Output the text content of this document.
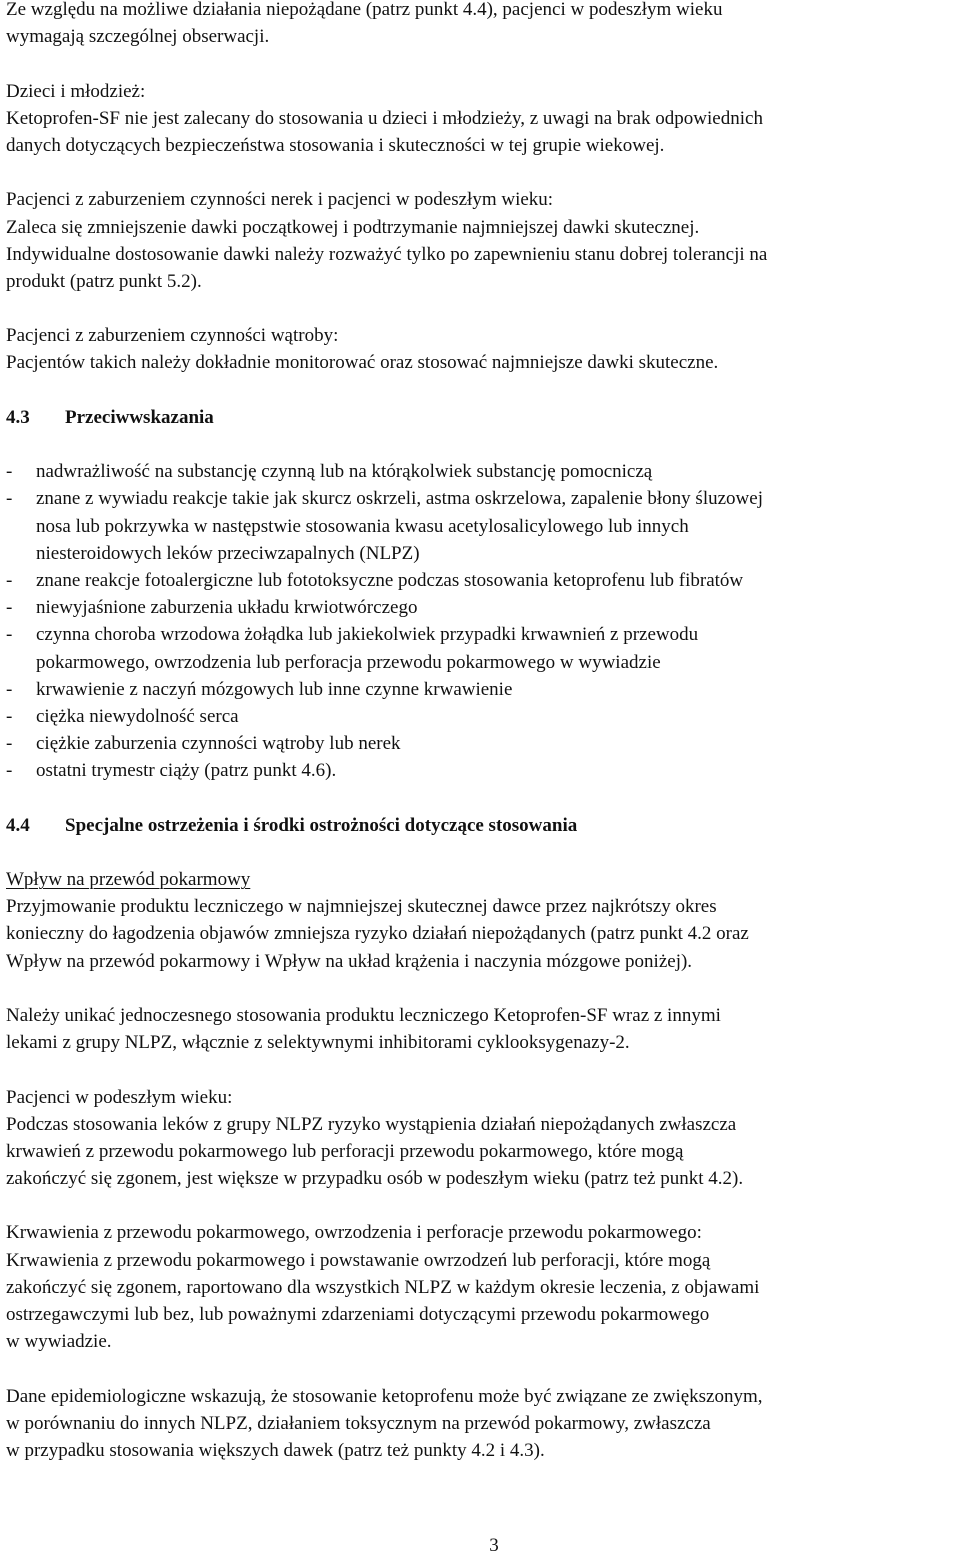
Ze względu na możliwe działania niepożądane (patrz punkt 4.4), pacjenci w podeszłym wieku
wymagają szczególnej obserwacji.
Dzieci i młodzież:
Ketoprofen-SF nie jest zalecany do stosowania u dzieci i młodzieży, z uwagi na brak odpowiednich
danych dotyczących bezpieczeństwa stosowania i skuteczności w tej grupie wiekowej.
Pacjenci z zaburzeniem czynności nerek i pacjenci w podeszłym wieku:
Zaleca się zmniejszenie dawki początkowej i podtrzymanie najmniejszej dawki skutecznej.
Indywidualne dostosowanie dawki należy rozważyć tylko po zapewnieniu stanu dobrej tolerancji na
produkt (patrz punkt 5.2).
Pacjenci z zaburzeniem czynności wątroby:
Pacjentów takich należy dokładnie monitorować oraz stosować najmniejsze dawki skuteczne.
4.3 Przeciwwskazania
- nadwrażliwość na substancję czynną lub na którąkolwiek substancję pomocniczą
- znane z wywiadu reakcje takie jak skurcz oskrzeli, astma oskrzelowa, zapalenie błony śluzowej
nosa lub pokrzywka w następstwie stosowania kwasu acetylosalicylowego lub innych
niesteroidowych leków przeciwzapalnych (NLPZ)
- znane reakcje fotoalergiczne lub fototoksyczne podczas stosowania ketoprofenu lub fibratów
- niewyjaśnione zaburzenia układu krwiotwórczego
- czynna choroba wrzodowa żołądka lub jakiekolwiek przypadki krwawnień z przewodu
pokarmowego, owrzodzenia lub perforacja przewodu pokarmowego w wywiadzie
- krwawienie z naczyń mózgowych lub inne czynne krwawienie
- ciężka niewydolność serca
- ciężkie zaburzenia czynności wątroby lub nerek
- ostatni trymestr ciąży (patrz punkt 4.6).
4.4 Specjalne ostrzeżenia i środki ostrożności dotyczące stosowania
Wpływ na przewód pokarmowy
Przyjmowanie produktu leczniczego w najmniejszej skutecznej dawce przez najkrótszy okres
konieczny do łagodzenia objawów zmniejsza ryzyko działań niepożądanych (patrz punkt 4.2 oraz
Wpływ na przewód pokarmowy i Wpływ na układ krążenia i naczynia mózgowe poniżej).
Należy unikać jednoczesnego stosowania produktu leczniczego Ketoprofen-SF wraz z innymi
lekami z grupy NLPZ, włącznie z selektywnymi inhibitorami cyklooksygenazy-2.
Pacjenci w podeszłym wieku:
Podczas stosowania leków z grupy NLPZ ryzyko wystąpienia działań niepożądanych zwłaszcza
krwawień z przewodu pokarmowego lub perforacji przewodu pokarmowego, które mogą
zakończyć się zgonem, jest większe w przypadku osób w podeszłym wieku (patrz też punkt 4.2).
Krwawienia z przewodu pokarmowego, owrzodzenia i perforacje przewodu pokarmowego:
Krwawienia z przewodu pokarmowego i powstawanie owrzodzeń lub perforacji, które mogą
zakończyć się zgonem, raportowano dla wszystkich NLPZ w każdym okresie leczenia, z objawami
ostrzegawczymi lub bez, lub poważnymi zdarzeniami dotyczącymi przewodu pokarmowego
w wywiadzie.
Dane epidemiologiczne wskazują, że stosowanie ketoprofenu może być związane ze zwiększonym,
w porównaniu do innych NLPZ, działaniem toksycznym na przewód pokarmowy, zwłaszcza
w przypadku stosowania większych dawek (patrz też punkty 4.2 i 4.3).
3
